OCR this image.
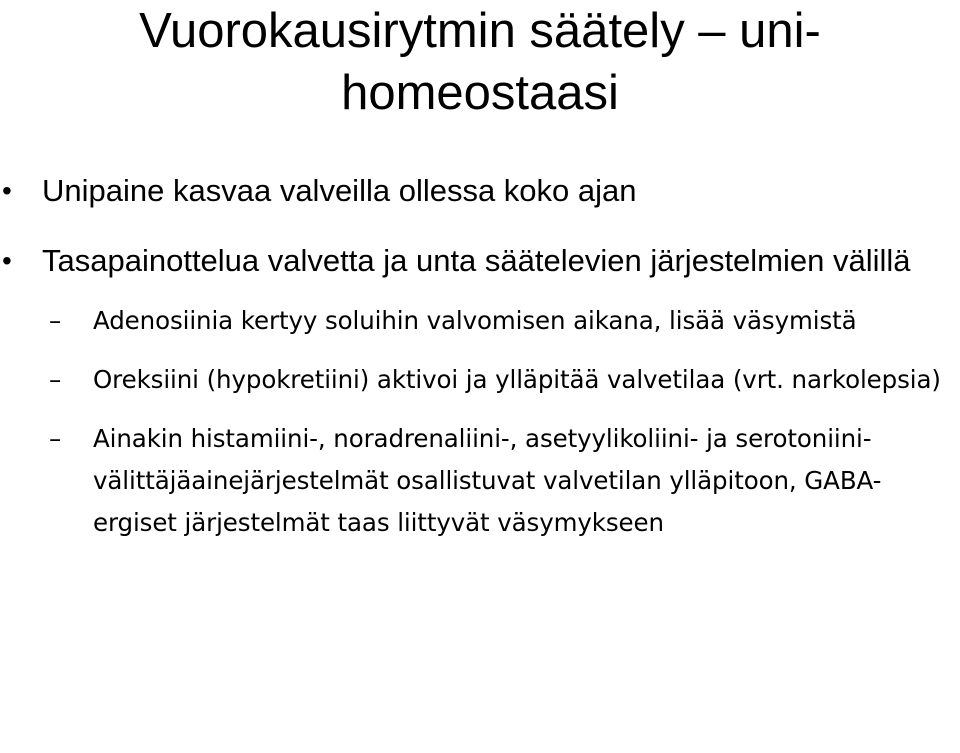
Vuorokausirytmin säätely – uni-
homeostaasi

• Unipaine kasvaa valveilla ollessa koko ajan

• Tasapainottelua valvetta ja unta säätelevien järjestelmien välillä

– Adenosiinia kertyy soluihin valvomisen aikana, lisää väsymistä

– Oreksiini (hypokretiini) aktivoi ja ylläpitää valvetilaa (vrt. narkolepsia)

– Ainakin histamiini-, noradrenaliini-, asetyylikoliini- ja serotoniini-välittäjäainejärjestelmät osallistuvat valvetilan ylläpitoon, GABA-ergiset järjestelmät taas liittyvät väsymykseen
